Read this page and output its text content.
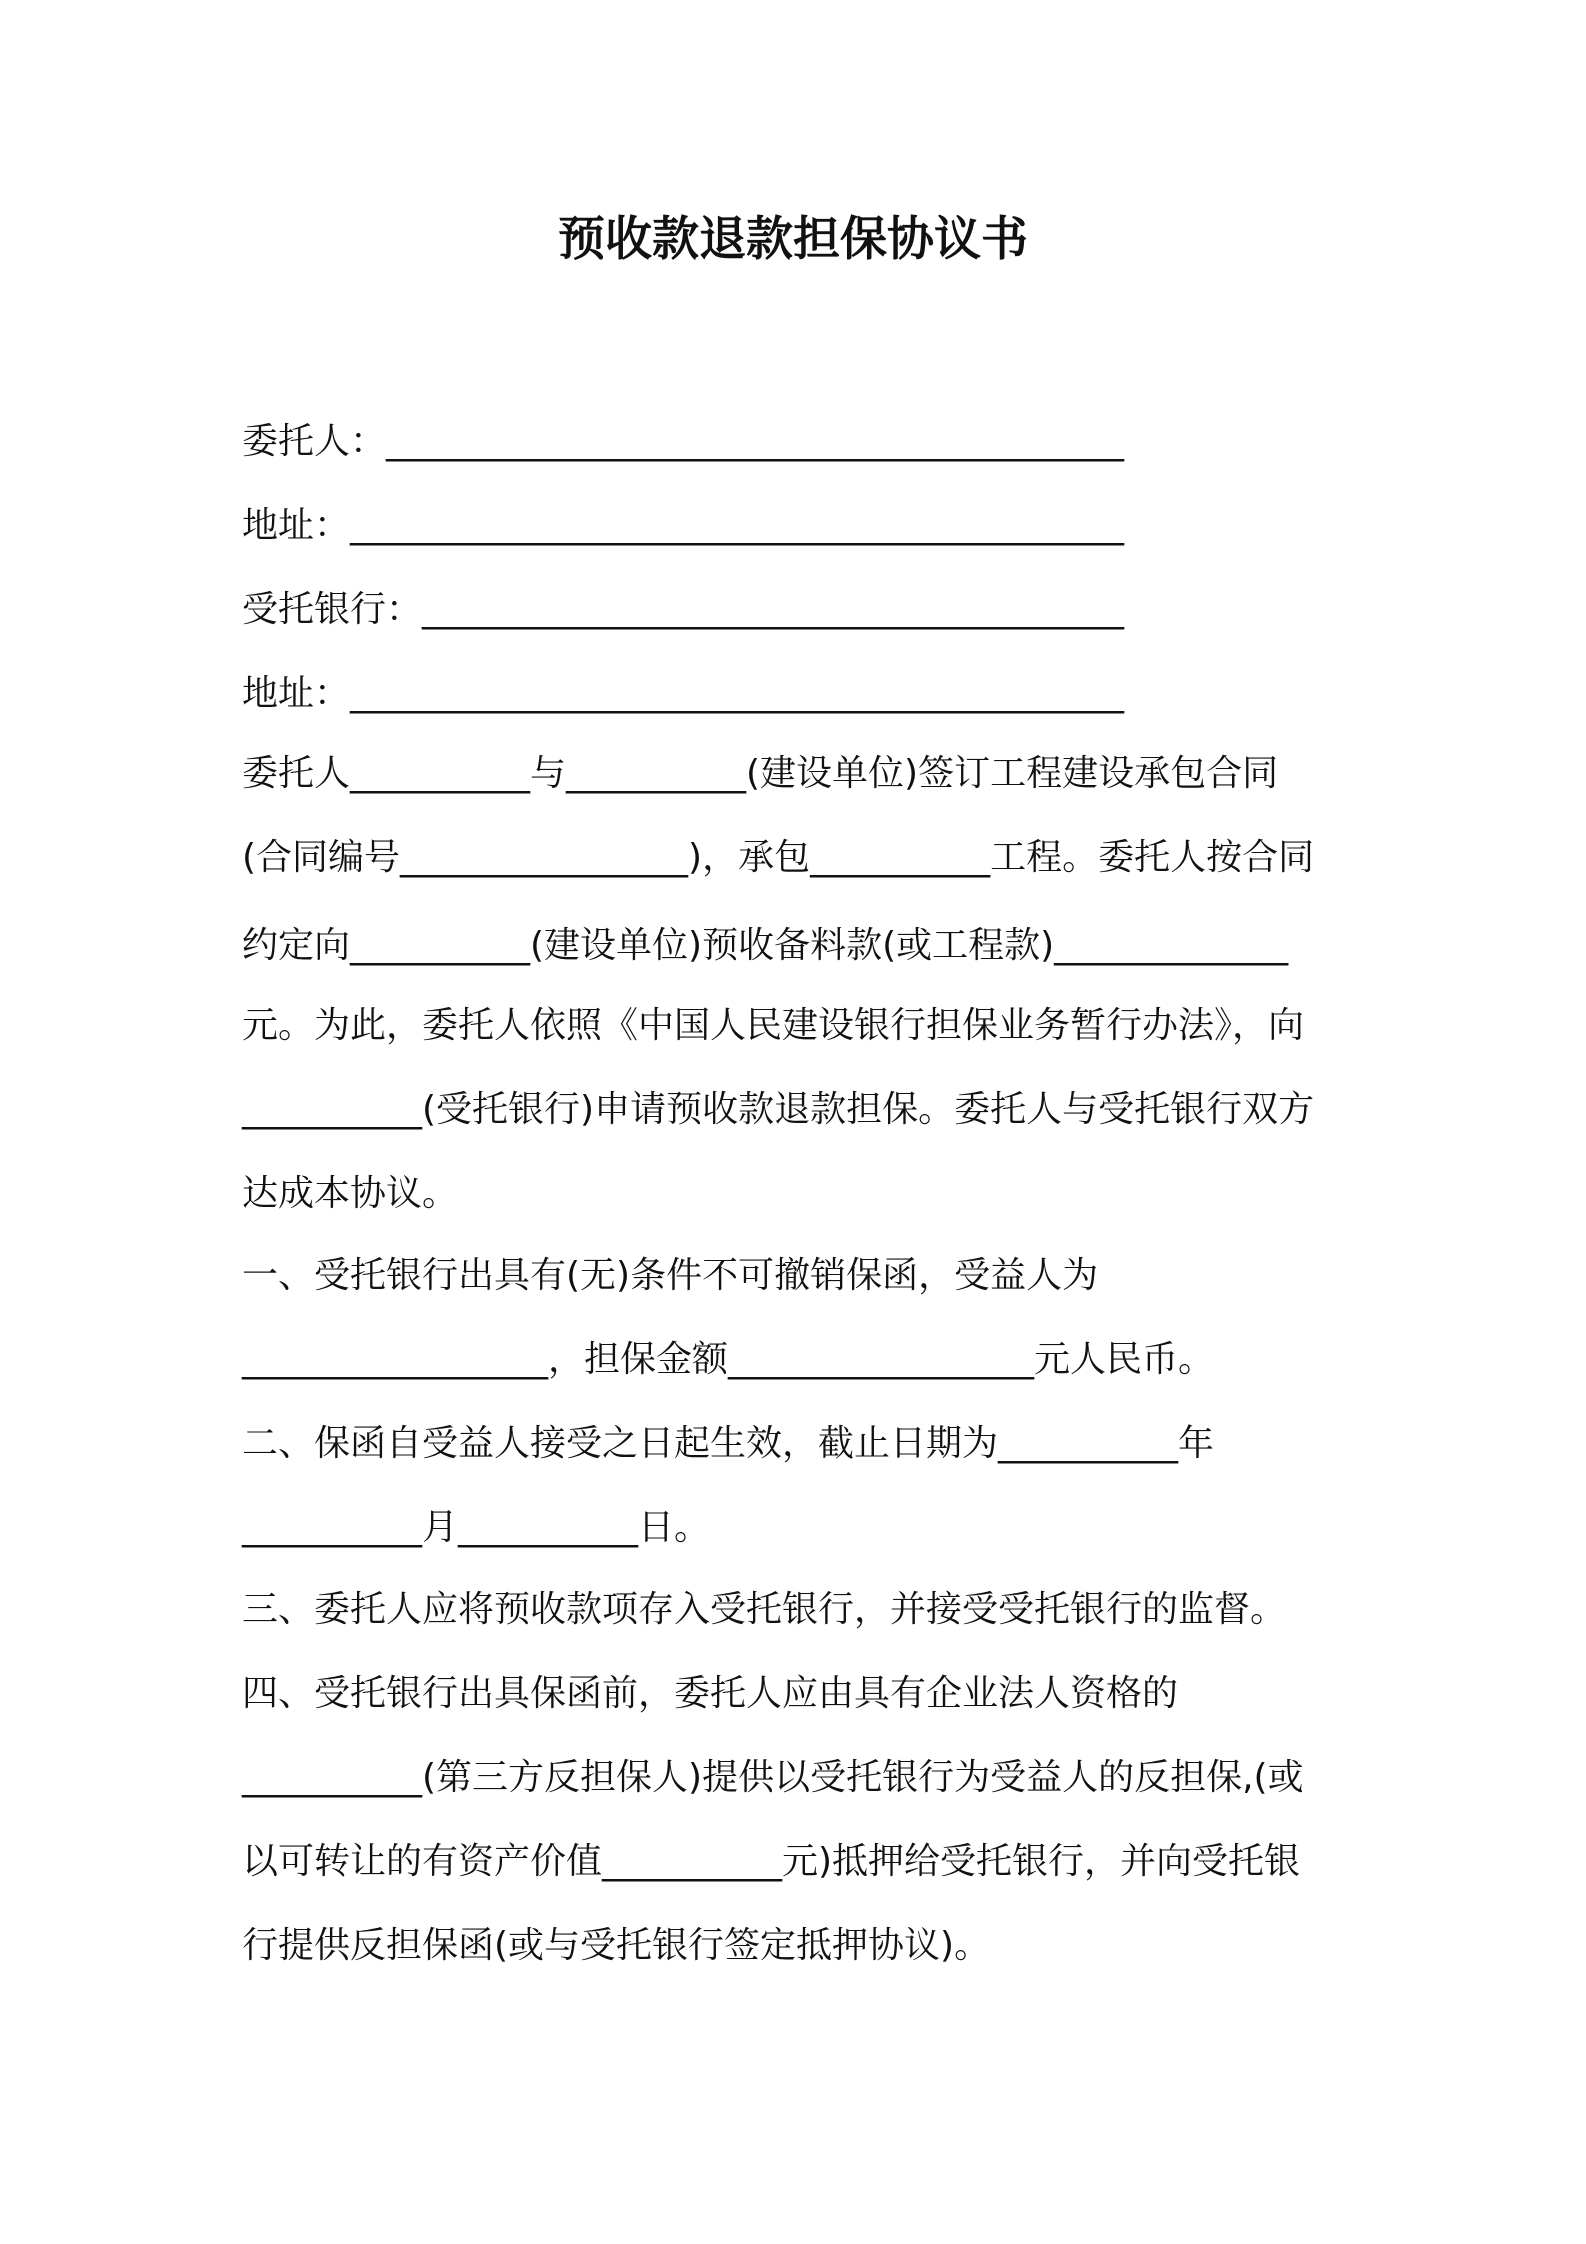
预收款退款担保协议书
委托人：_________________________________________
地址：___________________________________________
受托银行：_______________________________________
地址：___________________________________________
委托人__________与__________(建设单位)签订工程建设承包合同
(合同编号________________)，承包__________工程。委托人按合同
约定向__________(建设单位)预收备料款(或工程款)_____________
元。为此，委托人依照《中国人民建设银行担保业务暂行办法》，向
__________(受托银行)申请预收款退款担保。委托人与受托银行双方
达成本协议。
一、受托银行出具有(无)条件不可撤销保函，受益人为
_________________，担保金额_________________元人民币。
二、保函自受益人接受之日起生效，截止日期为__________年
__________月__________日。
三、委托人应将预收款项存入受托银行，并接受受托银行的监督。
四、受托银行出具保函前，委托人应由具有企业法人资格的
__________(第三方反担保人)提供以受托银行为受益人的反担保,(或
以可转让的有资产价值__________元)抵押给受托银行，并向受托银
行提供反担保函(或与受托银行签定抵押协议)。
